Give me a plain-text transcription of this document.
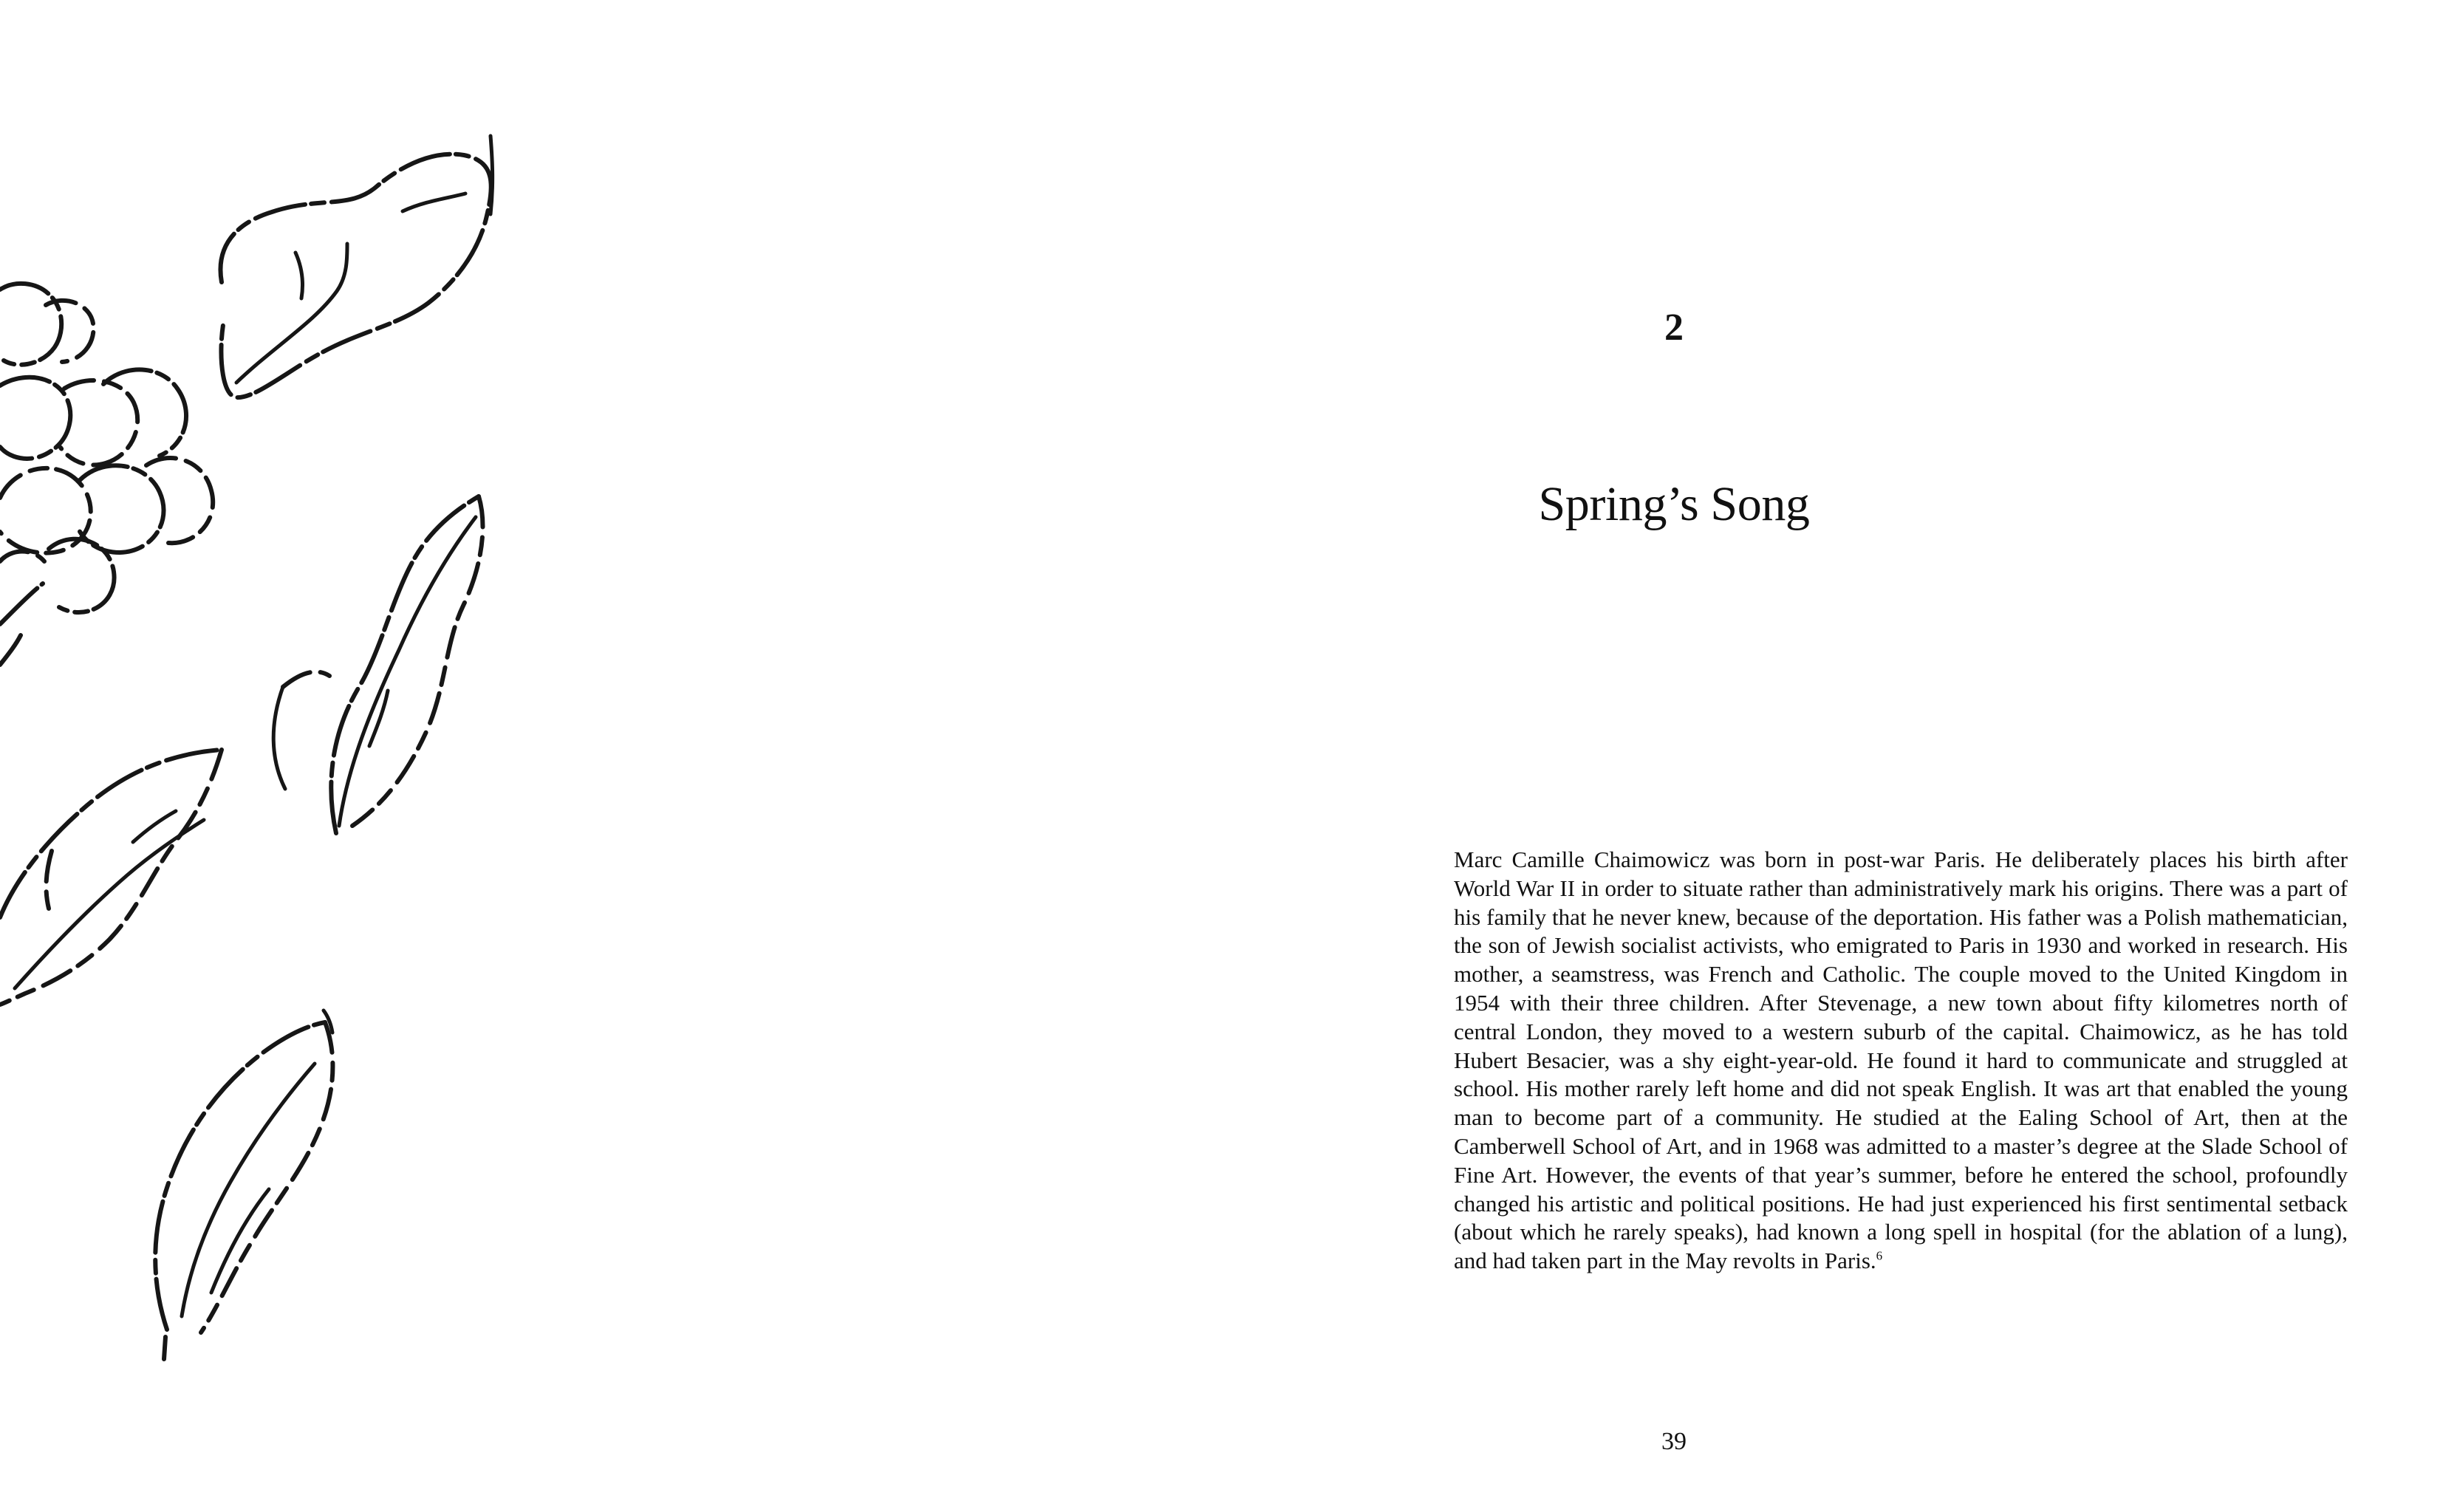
2
Spring’s Song

Marc Camille Chaimowicz was born in post-war Paris. He deliberately places his birth after World War II in order to situate rather than administratively mark his origins. There was a part of his family that he never knew, because of the deportation. His father was a Polish mathematician, the son of Jewish socialist activists, who emigrated to Paris in 1930 and worked in research. His mother, a seamstress, was French and Catholic. The couple moved to the United Kingdom in 1954 with their three children. After Stevenage, a new town about fifty kilometres north of central London, they moved to a western suburb of the capital. Chaimowicz, as he has told Hubert Besacier, was a shy eight-year-old. He found it hard to communicate and struggled at school. His mother rarely left home and did not speak English. It was art that enabled the young man to become part of a community. He studied at the Ealing School of Art, then at the Camberwell School of Art, and in 1968 was admitted to a master’s degree at the Slade School of Fine Art. However, the events of that year’s summer, before he entered the school, profoundly changed his artistic and political positions. He had just experienced his first sentimental setback (about which he rarely speaks), had known a long spell in hospital (for the ablation of a lung), and had taken part in the May revolts in Paris.$^6$

39
